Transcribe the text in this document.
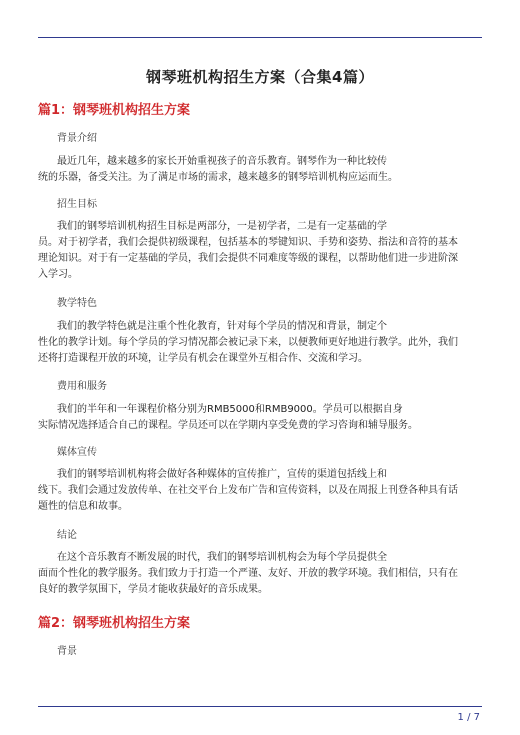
钢琴班机构招生方案（合集4篇）
篇1：钢琴班机构招生方案
背景介绍
最近几年，越来越多的家长开始重视孩子的音乐教育。钢琴作为一种比较传
统的乐器，备受关注。为了满足市场的需求，越来越多的钢琴培训机构应运而生。
招生目标
我们的钢琴培训机构招生目标是两部分，一是初学者，二是有一定基础的学
员。对于初学者，我们会提供初级课程，包括基本的琴键知识、手势和姿势、指法和音符的基本
理论知识。对于有一定基础的学员，我们会提供不同难度等级的课程，以帮助他们进一步进阶深
入学习。
教学特色
我们的教学特色就是注重个性化教育，针对每个学员的情况和背景，制定个
性化的教学计划。每个学员的学习情况都会被记录下来，以便教师更好地进行教学。此外，我们
还将打造课程开放的环境，让学员有机会在课堂外互相合作、交流和学习。
费用和服务
我们的半年和一年课程价格分别为RMB5000和RMB9000。学员可以根据自身
实际情况选择适合自己的课程。学员还可以在学期内享受免费的学习咨询和辅导服务。
媒体宣传
我们的钢琴培训机构将会做好各种媒体的宣传推广，宣传的渠道包括线上和
线下。我们会通过发放传单、在社交平台上发布广告和宣传资料，以及在周报上刊登各种具有话
题性的信息和故事。
结论
在这个音乐教育不断发展的时代，我们的钢琴培训机构会为每个学员提供全
面而个性化的教学服务。我们致力于打造一个严谨、友好、开放的教学环境。我们相信，只有在
良好的教学氛围下，学员才能收获最好的音乐成果。
篇2：钢琴班机构招生方案
背景
1 / 7
